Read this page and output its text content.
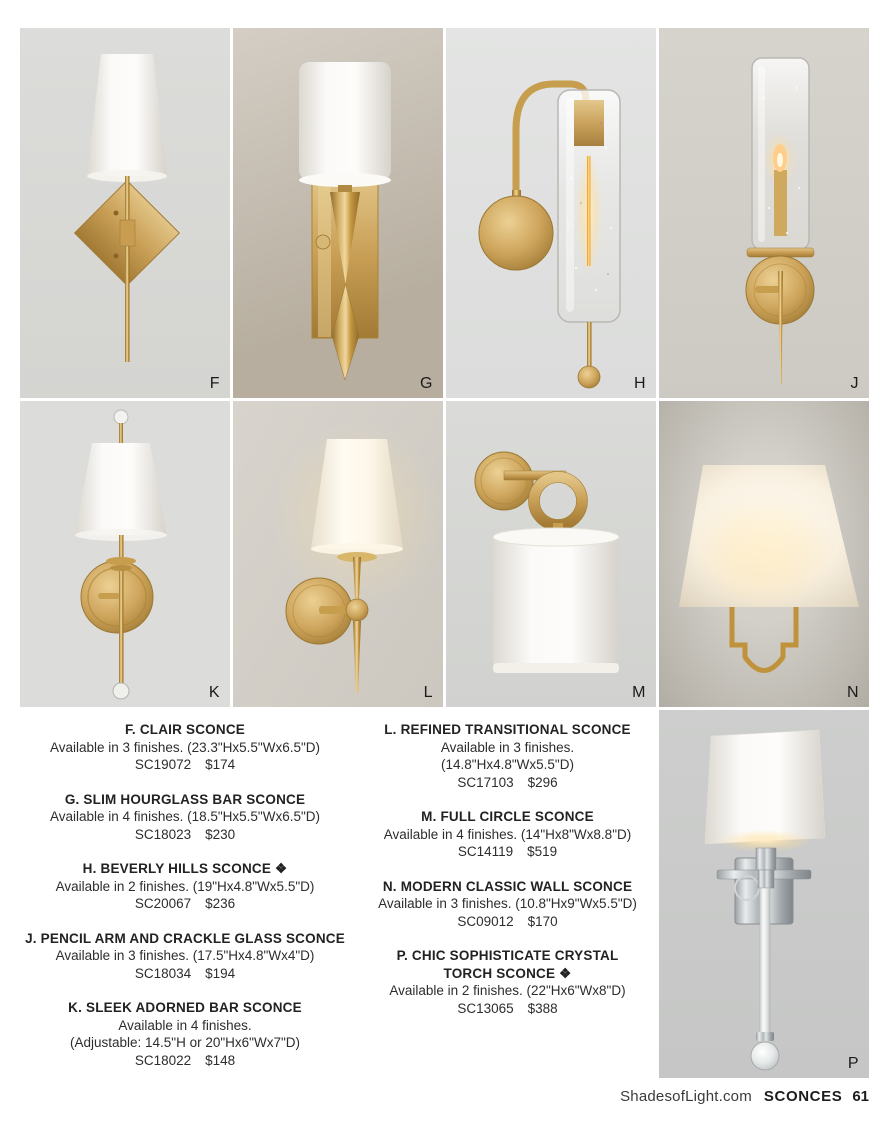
F	G	H	J
K	L	M	N
P
F. CLAIR SCONCE
Available in 3 finishes. (23.3"Hx5.5"Wx6.5"D)
SC19072 $174
G. SLIM HOURGLASS BAR SCONCE
Available in 4 finishes. (18.5"Hx5.5"Wx6.5"D)
SC18023 $230
H. BEVERLY HILLS SCONCE ❖
Available in 2 finishes. (19"Hx4.8"Wx5.5"D)
SC20067 $236
J. PENCIL ARM AND CRACKLE GLASS SCONCE
Available in 3 finishes. (17.5"Hx4.8"Wx4"D)
SC18034 $194
K. SLEEK ADORNED BAR SCONCE
Available in 4 finishes.
(Adjustable: 14.5"H or 20"Hx6"Wx7"D)
SC18022 $148
L. REFINED TRANSITIONAL SCONCE
Available in 3 finishes.
(14.8"Hx4.8"Wx5.5"D)
SC17103 $296
M. FULL CIRCLE SCONCE
Available in 4 finishes. (14"Hx8"Wx8.8"D)
SC14119 $519
N. MODERN CLASSIC WALL SCONCE
Available in 3 finishes. (10.8"Hx9"Wx5.5"D)
SC09012 $170
P. CHIC SOPHISTICATE CRYSTAL TORCH SCONCE ❖
Available in 2 finishes. (22"Hx6"Wx8"D)
SC13065 $388
ShadesofLight.com SCONCES 61
